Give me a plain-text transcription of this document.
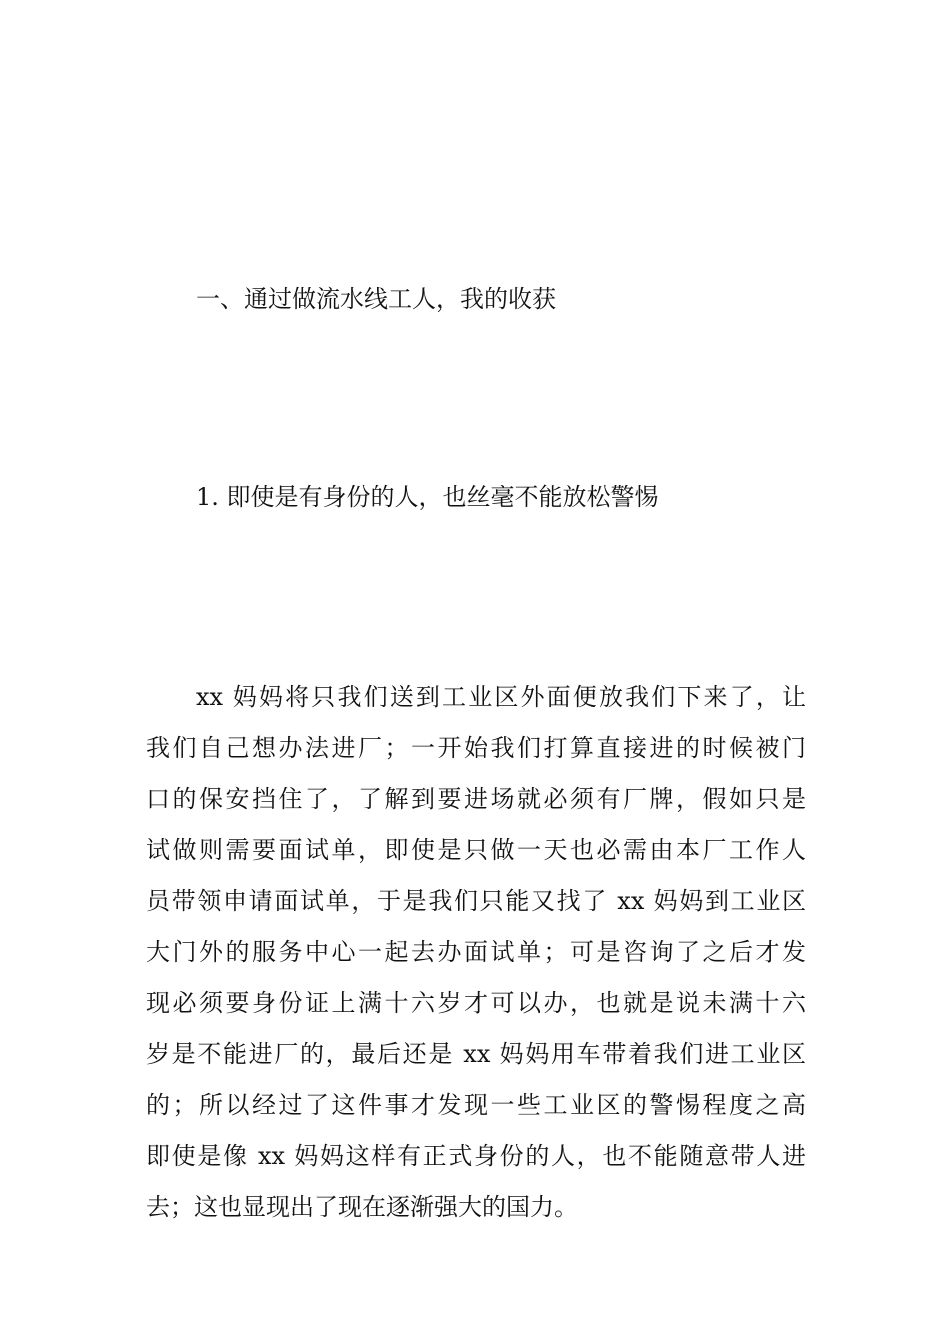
一、通过做流水线工人，我的收获
1. 即使是有身份的人，也丝毫不能放松警惕
xx 妈妈将只我们送到工业区外面便放我们下来了，让
我们自己想办法进厂；一开始我们打算直接进的时候被门
口的保安挡住了，了解到要进场就必须有厂牌，假如只是
试做则需要面试单，即使是只做一天也必需由本厂工作人
员带领申请面试单，于是我们只能又找了 xx 妈妈到工业区
大门外的服务中心一起去办面试单；可是咨询了之后才发
现必须要身份证上满十六岁才可以办，也就是说未满十六
岁是不能进厂的，最后还是 xx 妈妈用车带着我们进工业区
的；所以经过了这件事才发现一些工业区的警惕程度之高
即使是像 xx 妈妈这样有正式身份的人，也不能随意带人进
去；这也显现出了现在逐渐强大的国力。
